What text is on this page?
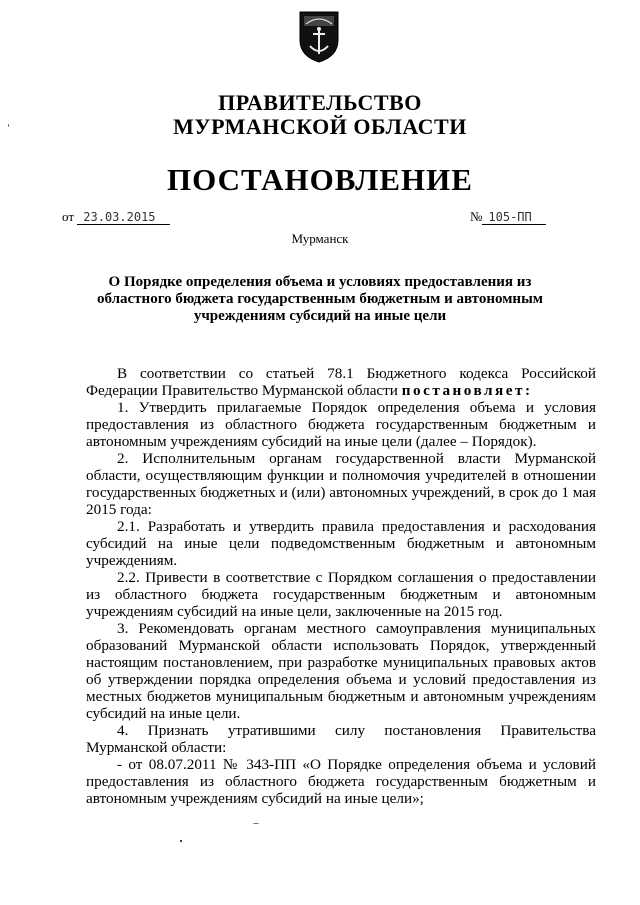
ПРАВИТЕЛЬСТВО
МУРМАНСКОЙ ОБЛАСТИ
ПОСТАНОВЛЕНИЕ
от 23.03.2015	№ 105-ПП
Мурманск
О Порядке определения объема и условиях предоставления из областного бюджета государственным бюджетным и автономным учреждениям субсидий на иные цели

В соответствии со статьей 78.1 Бюджетного кодекса Российской Федерации Правительство Мурманской области постановляет:

1. Утвердить прилагаемые Порядок определения объема и условия предоставления из областного бюджета государственным бюджетным и автономным учреждениям субсидий на иные цели (далее – Порядок).

2. Исполнительным органам государственной власти Мурманской области, осуществляющим функции и полномочия учредителей в отношении государственных бюджетных и (или) автономных учреждений, в срок до 1 мая 2015 года:

2.1. Разработать и утвердить правила предоставления и расходования субсидий на иные цели подведомственным бюджетным и автономным учреждениям.

2.2. Привести в соответствие с Порядком соглашения о предоставлении из областного бюджета государственным бюджетным и автономным учреждениям субсидий на иные цели, заключенные на 2015 год.

3. Рекомендовать органам местного самоуправления муниципальных образований Мурманской области использовать Порядок, утвержденный настоящим постановлением, при разработке муниципальных правовых актов об утверждении порядка определения объема и условий предоставления из местных бюджетов муниципальным бюджетным и автономным учреждениям субсидий на иные цели.

4. Признать утратившими силу постановления Правительства Мурманской области:

- от 08.07.2011 № 343-ПП «О Порядке определения объема и условий предоставления из областного бюджета государственным бюджетным и автономным учреждениям субсидий на иные цели»;
